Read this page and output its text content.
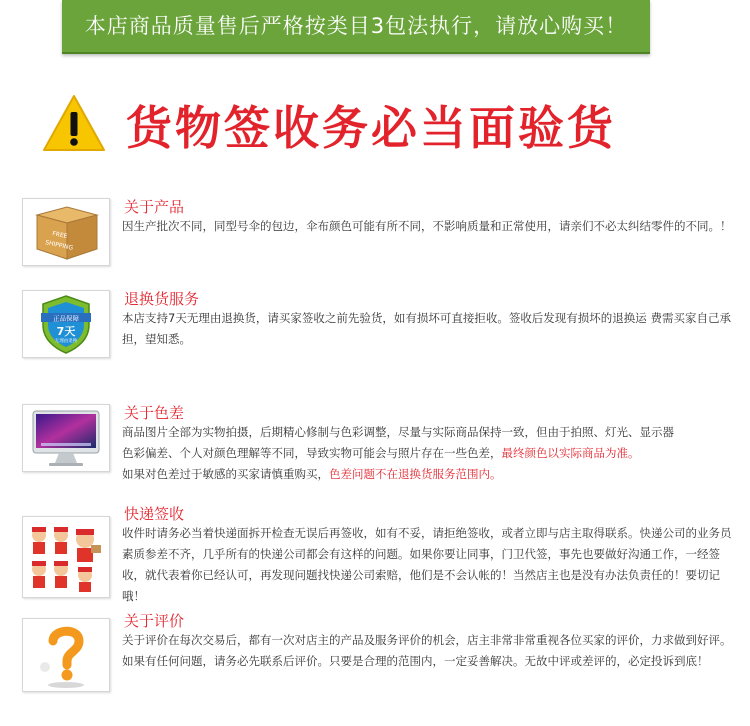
本店商品质量售后严格按类目3包法执行，请放心购买！
货物签收务必当面验货
FREE
SHIPPING
关于产品
因生产批次不同，同型号伞的包边，伞布颜色可能有所不同，不影响质量和正常使用，请亲们不必太纠结零件的不同。！
正品保障
7天
无理由退换
退换货服务
本店支持7天无理由退换货，请买家签收之前先验货，如有损坏可直接拒收。签收后发现有损坏的退换运 费需买家自己承担，望知悉。
关于色差
商品图片全部为实物拍摄，后期精心修制与色彩调整，尽量与实际商品保持一致，但由于拍照、灯光、显示器
色彩偏差、个人对颜色理解等不同，导致实物可能会与照片存在一些色差，最终颜色以实际商品为准。
如果对色差过于敏感的买家请慎重购买，色差问题不在退换货服务范围内。
快递签收
收件时请务必当着快递面拆开检查无误后再签收，如有不妥，请拒绝签收，或者立即与店主取得联系。快递公司的业务员素质参差不齐，几乎所有的快递公司都会有这样的问题。如果你要让同事，门卫代签，事先也要做好沟通工作，一经签收，就代表着你已经认可，再发现问题找快递公司索赔，他们是不会认帐的！当然店主也是没有办法负责任的！要切记哦！
关于评价
关于评价在每次交易后，都有一次对店主的产品及服务评价的机会，店主非常非常重视各位买家的评价，力求做到好评。如果有任何问题，请务必先联系后评价。只要是合理的范围内，一定妥善解决。无故中评或差评的，必定投诉到底！
